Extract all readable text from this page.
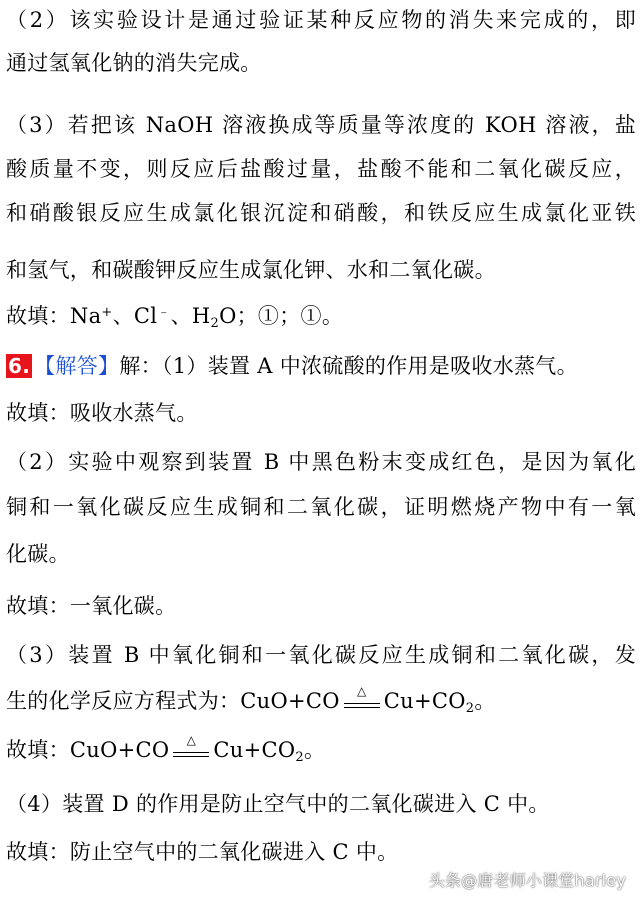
（2）该实验设计是通过验证某种反应物的消失来完成的，即
通过氢氧化钠的消失完成。
（3）若把该 NaOH 溶液换成等质量等浓度的 KOH 溶液，盐
酸质量不变，则反应后盐酸过量，盐酸不能和二氧化碳反应，
和硝酸银反应生成氯化银沉淀和硝酸，和铁反应生成氯化亚铁
和氢气，和碳酸钾反应生成氯化钾、水和二氧化碳。
故填：Na+、Cl﹣、$H_2O$；①；①。
6. 【解答】解：（1）装置 A 中浓硫酸的作用是吸收水蒸气。
故填：吸收水蒸气。
（2）实验中观察到装置 B 中黑色粉末变成红色，是因为氧化
铜和一氧化碳反应生成铜和二氧化碳，证明燃烧产物中有一氧
化碳。
故填：一氧化碳。
（3）装置 B 中氧化铜和一氧化碳反应生成铜和二氧化碳，发
生的化学反应方程式为：CuO+CO	△ $Cu+CO_2$。
故填：CuO+CO	△ $Cu+CO_2$。
（4）装置 D 的作用是防止空气中的二氧化碳进入 C 中。
故填：防止空气中的二氧化碳进入 C 中。
头条@唐老师小课堂harley
